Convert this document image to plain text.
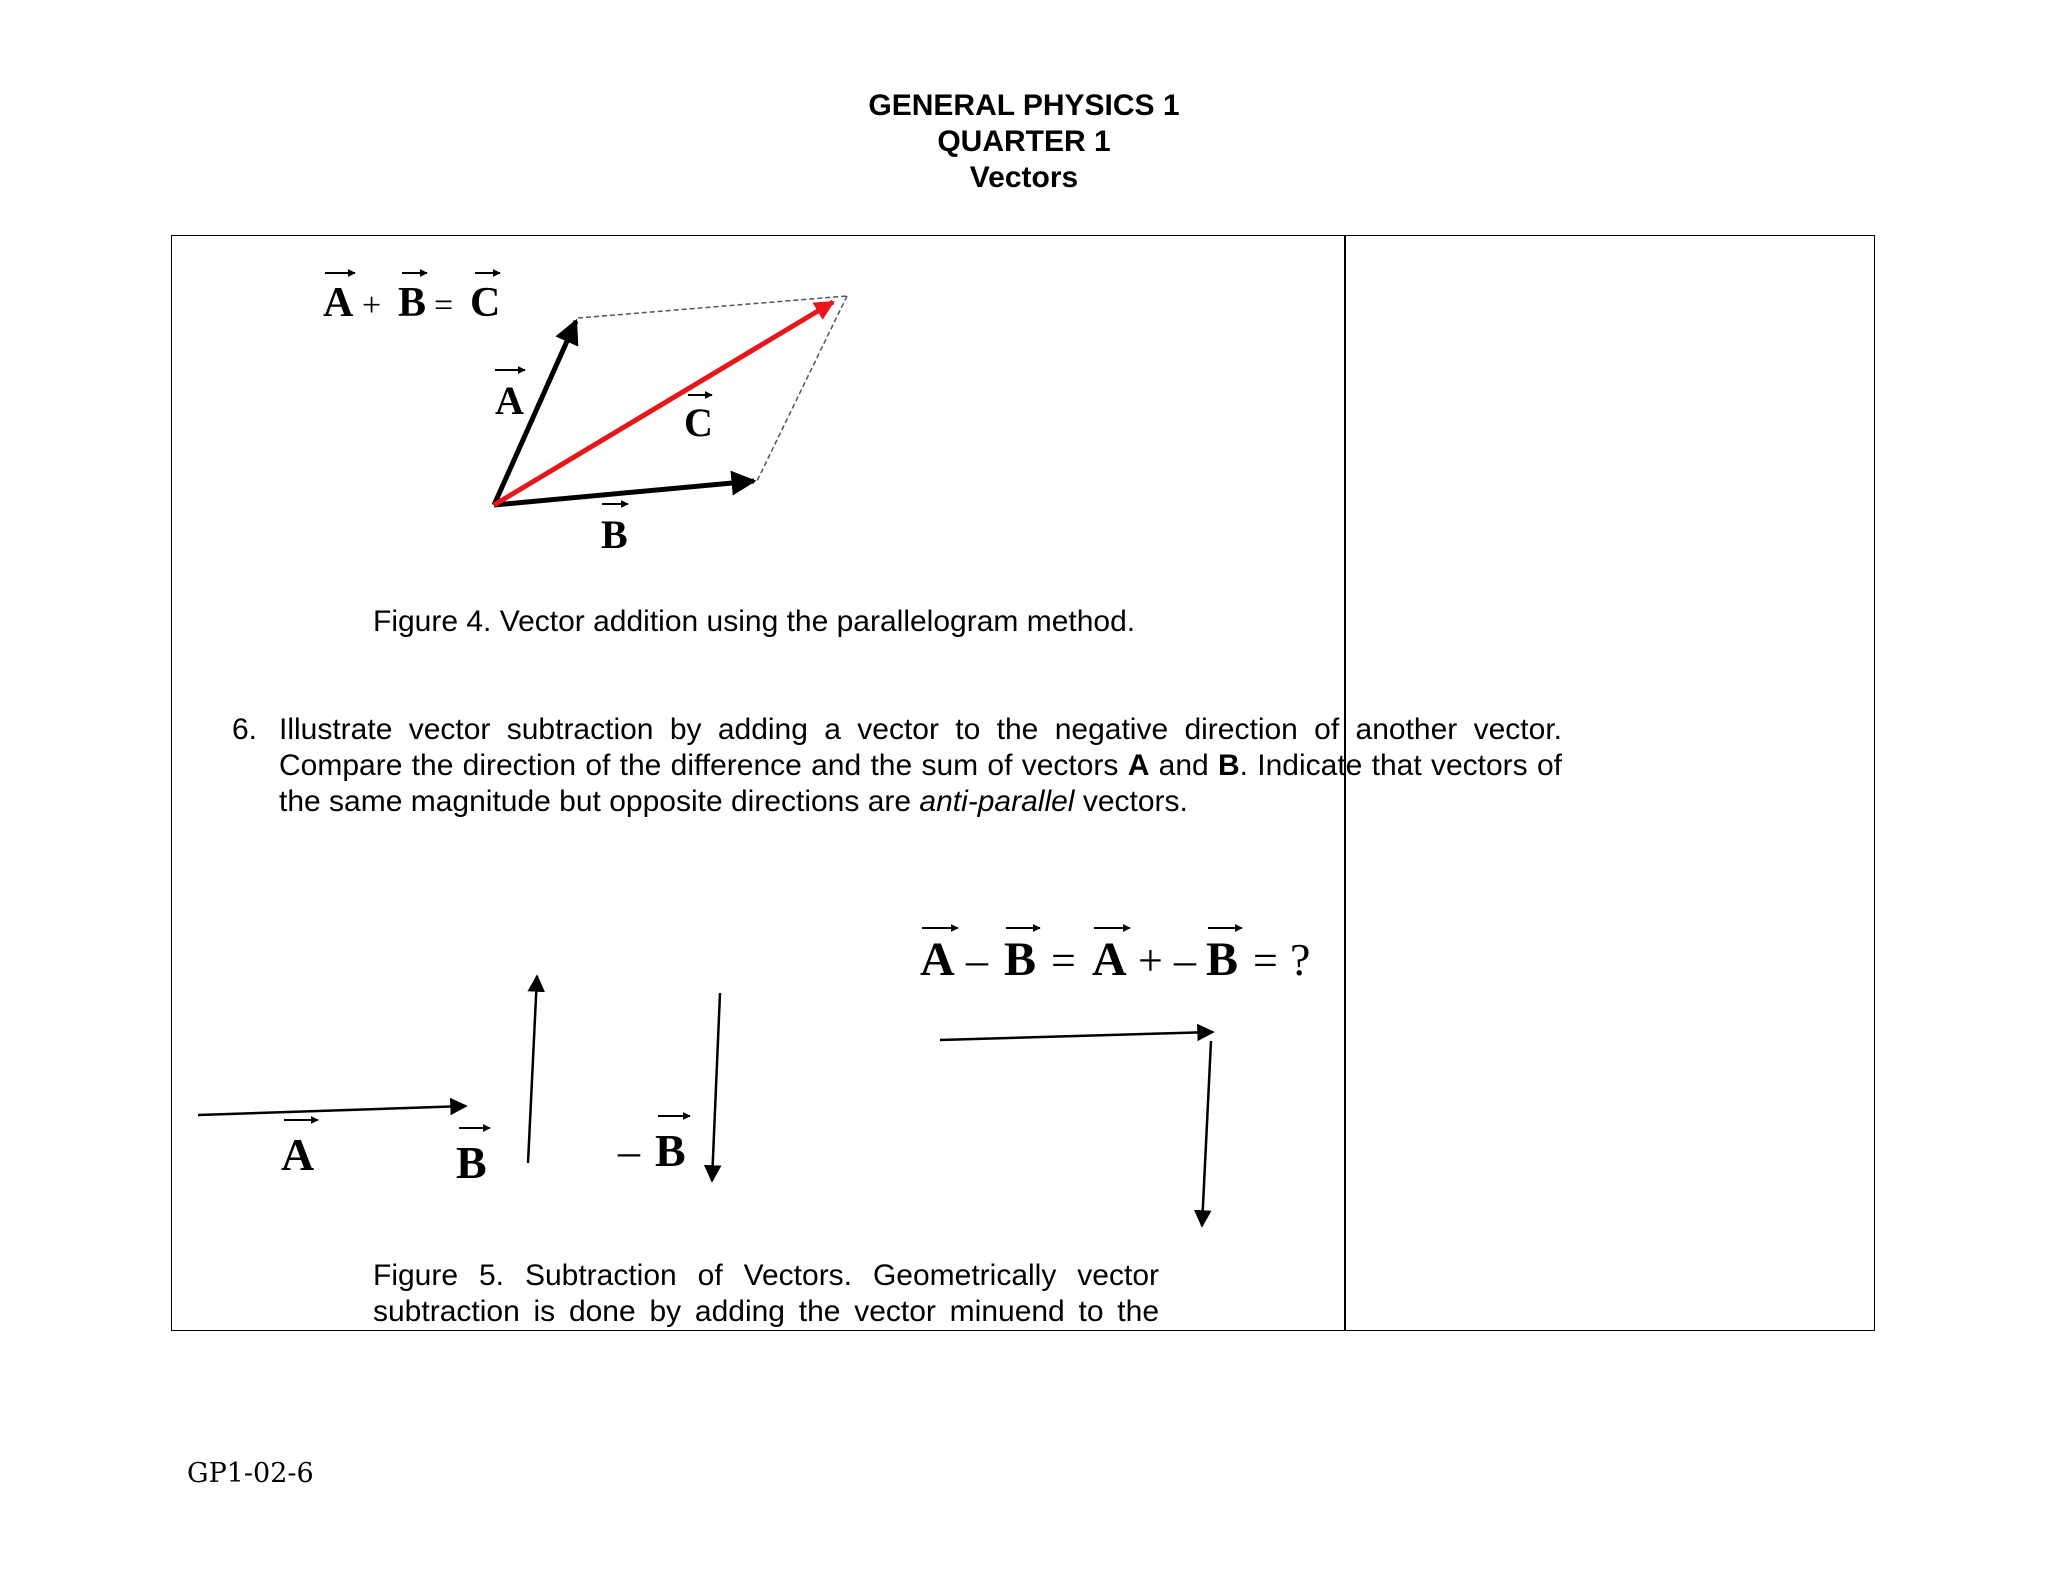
GENERAL PHYSICS 1
QUARTER 1
Vectors
A + B = C
A	C
B
A – B = A + – B = ?
A	B	– B
Figure 4. Vector addition using the parallelogram method.
6. Illustrate vector subtraction by adding a vector to the negative direction of another vector. Compare the direction of the difference and the sum of vectors A and B. Indicate that vectors of the same magnitude but opposite directions are anti-parallel vectors.
Figure 5. Subtraction of Vectors. Geometrically vector subtraction is done by adding the vector minuend to the
GP1-02-6
